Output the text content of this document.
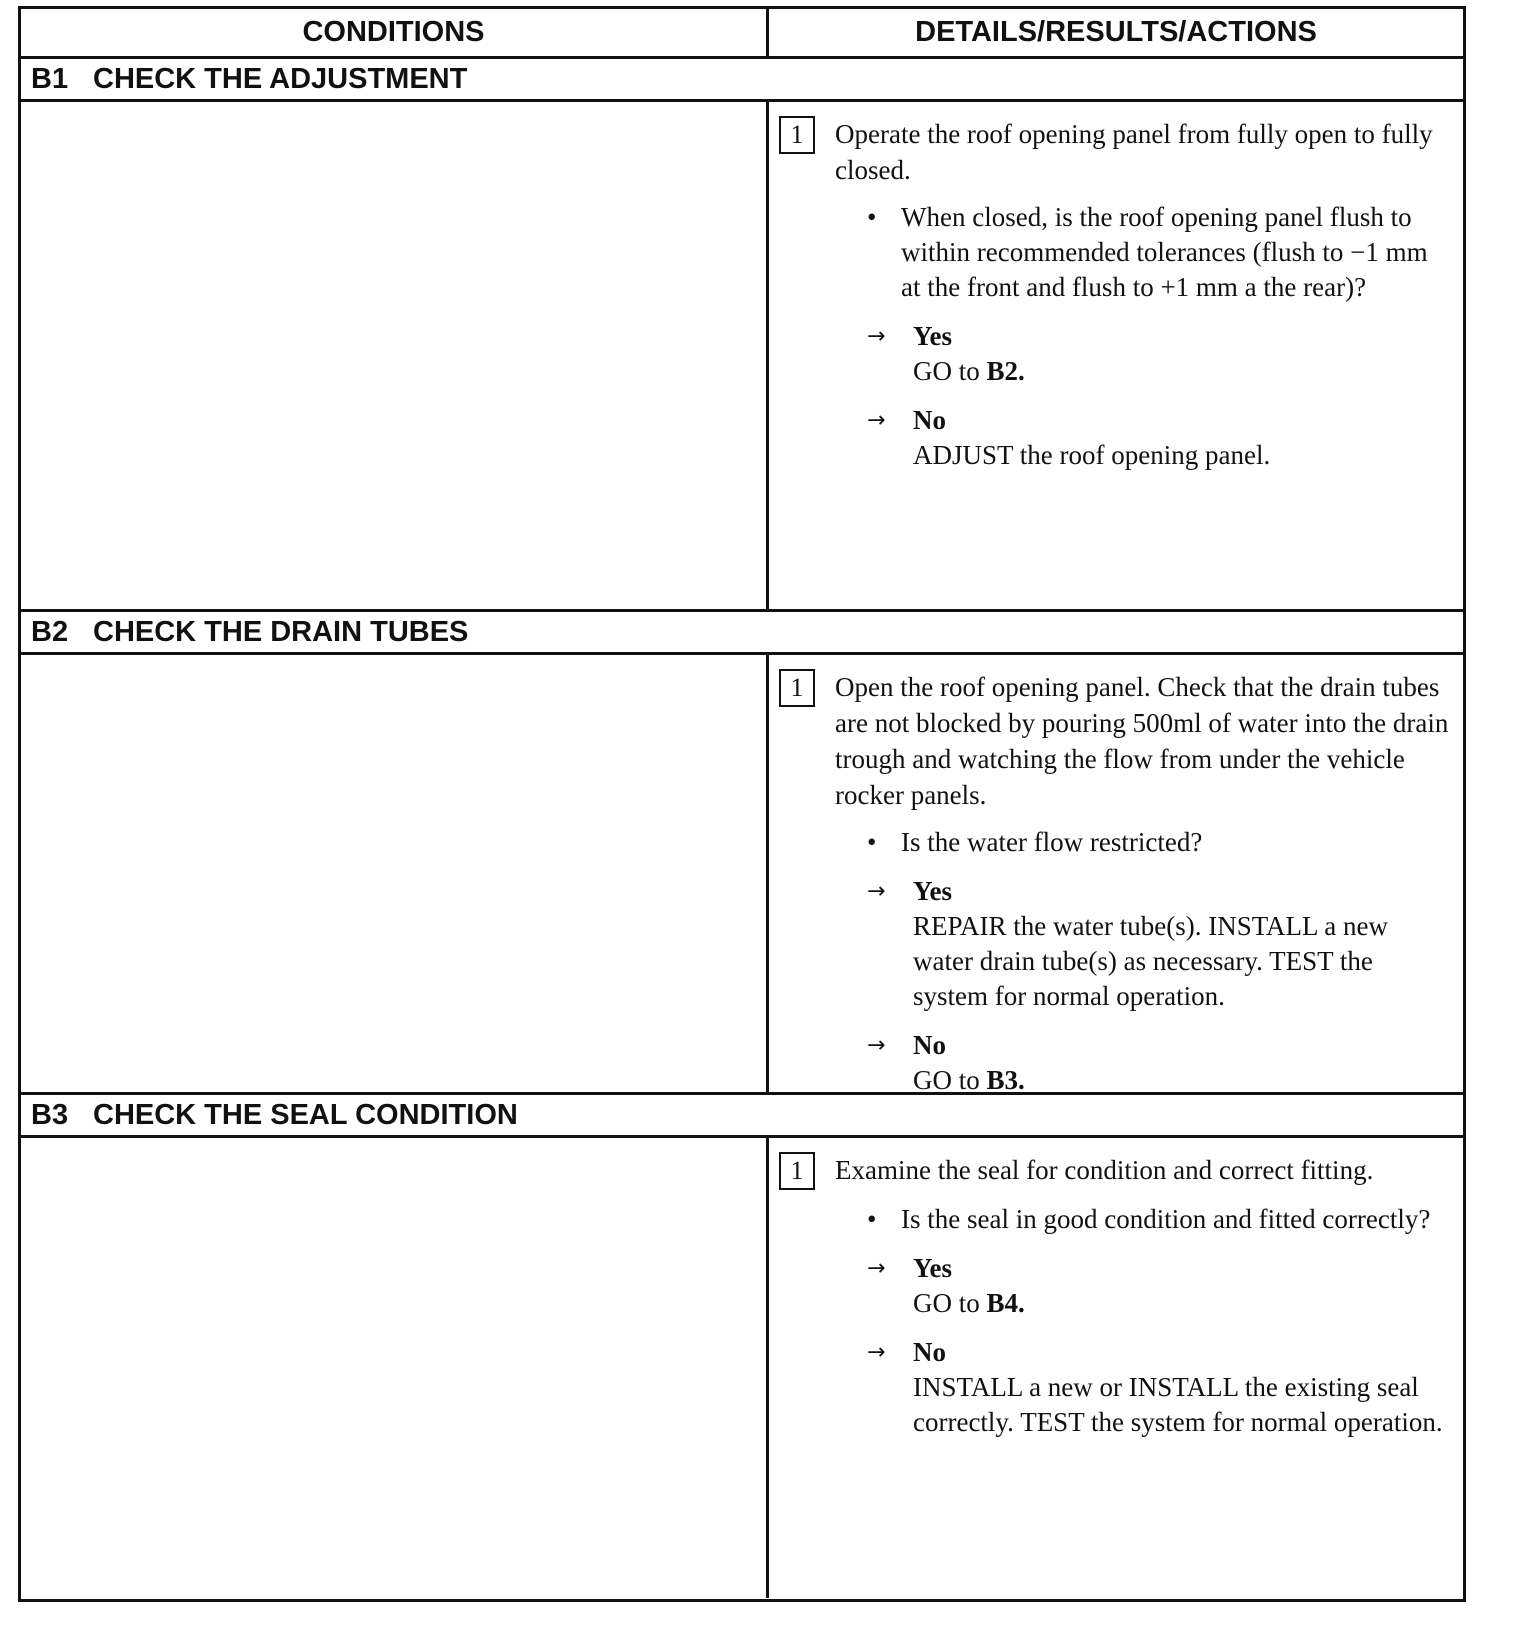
CONDITIONS	DETAILS/RESULTS/ACTIONS
B1 CHECK THE ADJUSTMENT
1	Operate the roof opening panel from fully open to fully closed.
• When closed, is the roof opening panel flush to within recommended tolerances (flush to −1 mm at the front and flush to +1 mm a the rear)?
→	Yes
GO to B2.
→	No
ADJUST the roof opening panel.
B2 CHECK THE DRAIN TUBES
1	Open the roof opening panel. Check that the drain tubes are not blocked by pouring 500ml of water into the drain trough and watching the flow from under the vehicle rocker panels.
• Is the water flow restricted?
→	Yes
REPAIR the water tube(s). INSTALL a new water drain tube(s) as necessary. TEST the system for normal operation.
→	No
GO to B3.
B3 CHECK THE SEAL CONDITION
1	Examine the seal for condition and correct fitting.
• Is the seal in good condition and fitted correctly?
→	Yes
GO to B4.
→	No
INSTALL a new or INSTALL the existing seal correctly. TEST the system for normal operation.
